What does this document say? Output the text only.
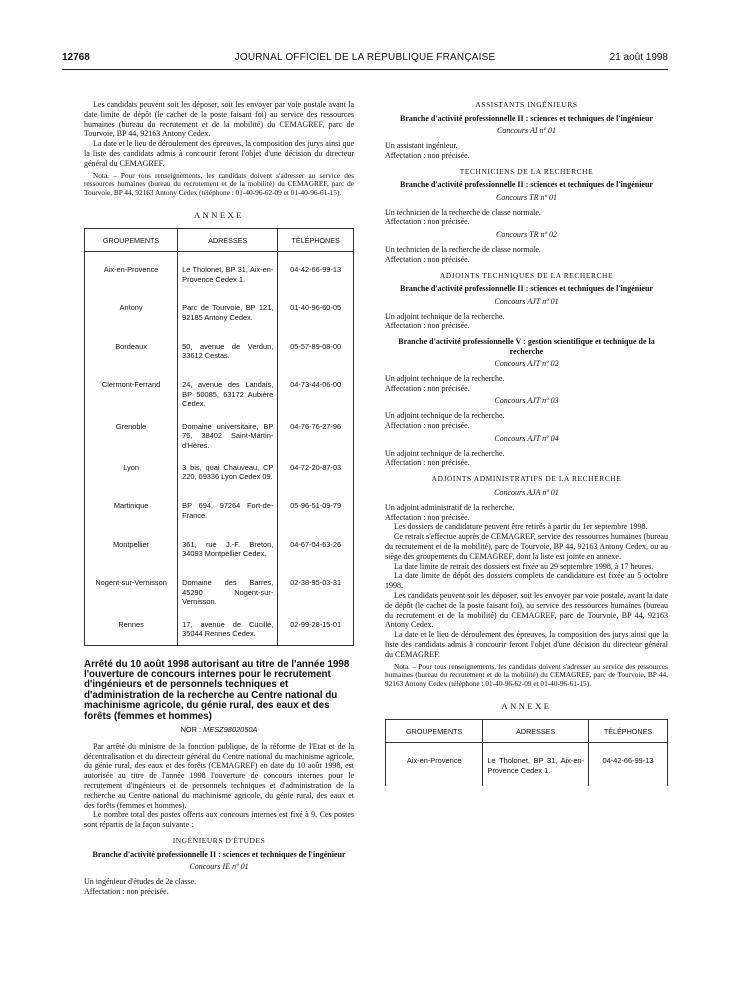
12768	JOURNAL OFFICIEL DE LA RÉPUBLIQUE FRANÇAISE	21 août 1998

Les candidats peuvent soit les déposer, soit les envoyer par voie postale avant la date limite de dépôt (le cachet de la poste faisant foi) au service des ressources humaines (bureau du recrutement et de la mobilité) du CEMAGREF, parc de Tourvoie, BP 44, 92163 Antony Cedex.

La date et le lieu de déroulement des épreuves, la composition des jurys ainsi que la liste des candidats admis à concourir feront l'objet d'une décision du directeur général du CEMAGREF.

Nota. – Pour tous renseignements, les candidats doivent s'adresser au service des ressources humaines (bureau du recrutement et de la mobilité) du CEMAGREF, parc de Tourvoie, BP 44, 92163 Antony Cedex (téléphone : 01-40-96-62-09 et 01-40-96-61-15).

ANNEXE
GROUPEMENTS	ADRESSES	TÉLÉPHONES
Aix-en-Provence	Le Tholonet, BP 31, Aix-en-Provence Cedex 1.	04-42-66-99-13
Antony	Parc de Tourvoie, BP 121, 92185 Antony Cedex.	01-40-96-60-05
Bordeaux	50, avenue de Verdun, 33612 Cestas.	05-57-89-08-00
Clermont-Ferrand	24, avenue des Landais, BP 50085, 63172 Aubière Cedex.	04-73-44-06-00
Grenoble	Domaine universitaire, BP 76, 38402 Saint-Martin-d'Hères.	04-76-76-27-96
Lyon	3 bis, quai Chauveau, CP 220, 69336 Lyon Cedex 09.	04-72-20-87-03
Martinique	BP 694, 97264 Fort-de-France.	05-96-51-09-79
Montpellier	361, rue J.-F. Breton, 34093 Montpellier Cedex.	04-67-04-63-26
Nogent-sur-Vernisson	Domaine des Barres, 45290 Nogent-sur-Vernisson.	02-38-95-03-31
Rennes	17, avenue de Cucillé, 35044 Rennes Cedex.	02-99-28-15-01
Arrêté du 10 août 1998 autorisant au titre de l'année 1998 l'ouverture de concours internes pour le recrutement d'ingénieurs et de personnels techniques et d'administration de la recherche au Centre national du machinisme agricole, du génie rural, des eaux et des forêts (femmes et hommes)
NOR : MESZ9802050A

Par arrêté du ministre de la fonction publique, de la réforme de l'Etat et de la décentralisation et du directeur général du Centre national du machinisme agricole, du génie rural, des eaux et des forêts (CEMAGREF) en date du 10 août 1998, est autorisée au titre de l'année 1998 l'ouverture de concours internes pour le recrutement d'ingénieurs et de personnels techniques et d'administration de la recherche au Centre national du machinisme agricole, du génie rural, des eaux et des forêts (femmes et hommes).

Le nombre total des postes offerts aux concours internes est fixé à 9. Ces postes sont répartis de la façon suivante :

INGÉNIEURS D'ÉTUDES
Branche d'activité professionnelle II : sciences et techniques de l'ingénieur
Concours IE nº 01

Un ingénieur d'études de 2e classe.

Affectation : non précisée.

ASSISTANTS INGÉNIEURS
Branche d'activité professionnelle II : sciences et techniques de l'ingénieur
Concours AI nº 01

Un assistant ingénieur.

Affectation : non précisée.

TECHNICIENS DE LA RECHERCHE
Branche d'activité professionnelle II : sciences et techniques de l'ingénieur
Concours TR nº 01

Un technicien de la recherche de classe normale.

Affectation : non précisée.

Concours TR nº 02

Un technicien de la recherche de classe normale.

Affectation : non précisée.

ADJOINTS TECHNIQUES DE LA RECHERCHE
Branche d'activité professionnelle II : sciences et techniques de l'ingénieur
Concours AJT nº 01

Un adjoint technique de la recherche.

Affectation : non précisée.

Branche d'activité professionnelle V : gestion scientifique et technique de la recherche
Concours AJT nº 02

Un adjoint technique de la recherche.

Affectation : non précisée.

Concours AJT nº 03

Un adjoint technique de la recherche.

Affectation : non précisée.

Concours AJT nº 04

Un adjoint technique de la recherche.

Affectation : non précisée.

ADJOINTS ADMINISTRATIFS DE LA RECHERCHE
Concours AJA nº 01

Un adjoint administratif de la recherche.

Affectation : non précisée.

Les dossiers de candidature peuvent être retirés à partir du 1er septembre 1998.

Ce retrait s'effectue auprès de CEMAGREF, service des ressources humaines (bureau du recrutement et de la mobilité), parc de Tourvoie, BP 44, 92163 Antony Cedex, ou au siège des groupements du CEMAGREF, dont la liste est jointe en annexe.

La date limite de retrait des dossiers est fixée au 29 septembre 1998, à 17 heures.

La date limite de dépôt des dossiers complets de candidature est fixée au 5 octobre 1998.

Les candidats peuvent soit les déposer, soit les envoyer par voie postale, avant la date de dépôt (le cachet de la poste faisant foi), au service des ressources humaines (bureau du recrutement et de la mobilité) du CEMAGREF, parc de Tourvoie, BP 44, 92163 Antony Cedex.

La date et le lieu de déroulement des épreuves, la composition des jurys ainsi que la liste des candidats admis à concourir feront l'objet d'une décision du directeur général du CEMAGREF.

Nota. – Pour tous renseignements, les candidats doivent s'adresser au service des ressources humaines (bureau du recrutement et de la mobilité) du CEMAGREF, parc de Tourvoie, BP 44, 92163 Antony Cedex (téléphone : 01-40-96-62-09 et 01-40-96-61-15).

ANNEXE
GROUPEMENTS	ADRESSES	TÉLÉPHONES
Aix-en-Provence	Le Tholonet, BP 31, Aix-en-Provence Cedex 1.	04-42-66-99-13
